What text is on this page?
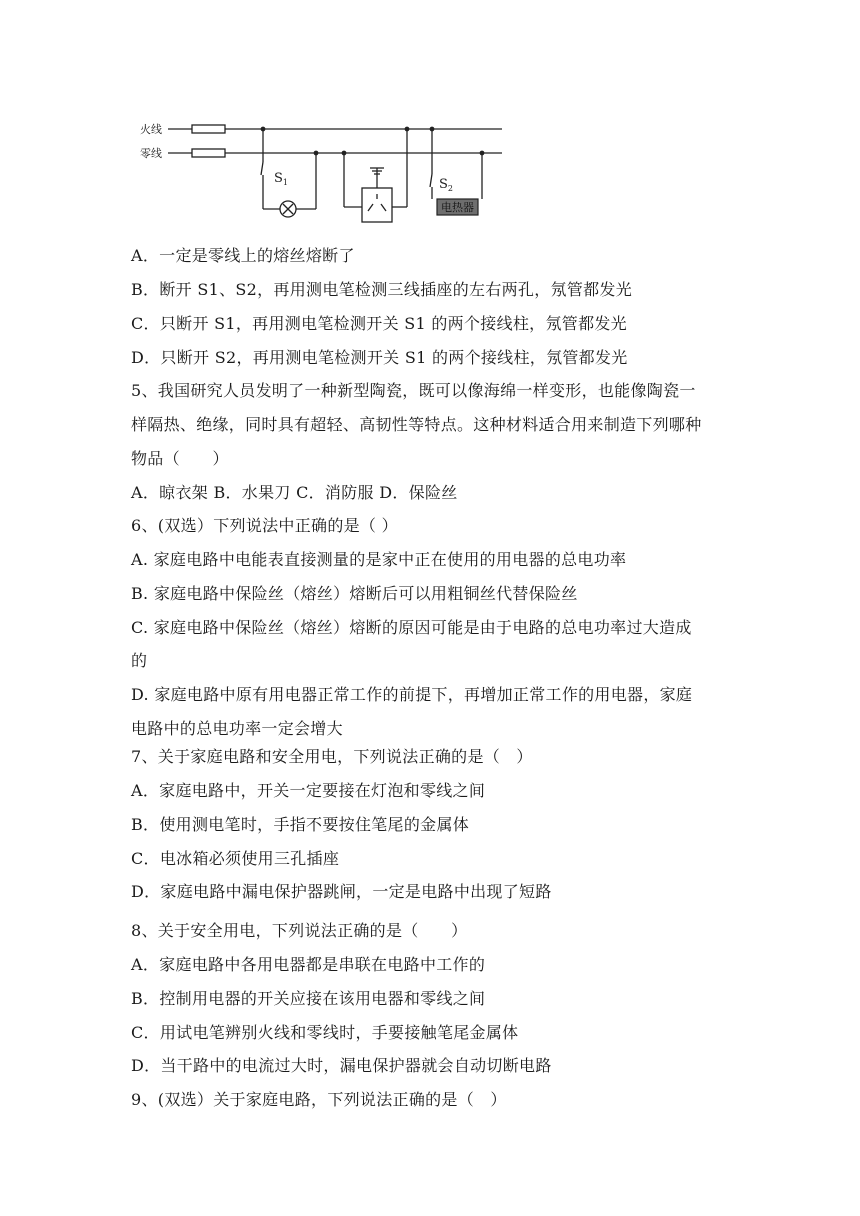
电热器
火线
零线
$S_1$	$S_2$
A．一定是零线上的熔丝熔断了
B．断开 S1、S2，再用测电笔检测三线插座的左右两孔，氖管都发光
C．只断开 S1，再用测电笔检测开关 S1 的两个接线柱，氖管都发光
D．只断开 S2，再用测电笔检测开关 S1 的两个接线柱，氖管都发光
5、我国研究人员发明了一种新型陶瓷，既可以像海绵一样变形，也能像陶瓷一
样隔热、绝缘，同时具有超轻、高韧性等特点。这种材料适合用来制造下列哪种
物品（　　）
A．晾衣架 B．水果刀 C．消防服 D．保险丝
6、(双选）下列说法中正确的是（ ）
A. 家庭电路中电能表直接测量的是家中正在使用的用电器的总电功率
B. 家庭电路中保险丝（熔丝）熔断后可以用粗铜丝代替保险丝
C. 家庭电路中保险丝（熔丝）熔断的原因可能是由于电路的总电功率过大造成
的
D. 家庭电路中原有用电器正常工作的前提下，再增加正常工作的用电器，家庭
电路中的总电功率一定会增大
7、关于家庭电路和安全用电，下列说法正确的是（　）
A．家庭电路中，开关一定要接在灯泡和零线之间
B．使用测电笔时，手指不要按住笔尾的金属体
C．电冰箱必须使用三孔插座
D．家庭电路中漏电保护器跳闸，一定是电路中出现了短路
8、关于安全用电，下列说法正确的是（　　）
A．家庭电路中各用电器都是串联在电路中工作的
B．控制用电器的开关应接在该用电器和零线之间
C．用试电笔辨别火线和零线时，手要接触笔尾金属体
D．当干路中的电流过大时，漏电保护器就会自动切断电路
9、(双选）关于家庭电路，下列说法正确的是（　）
